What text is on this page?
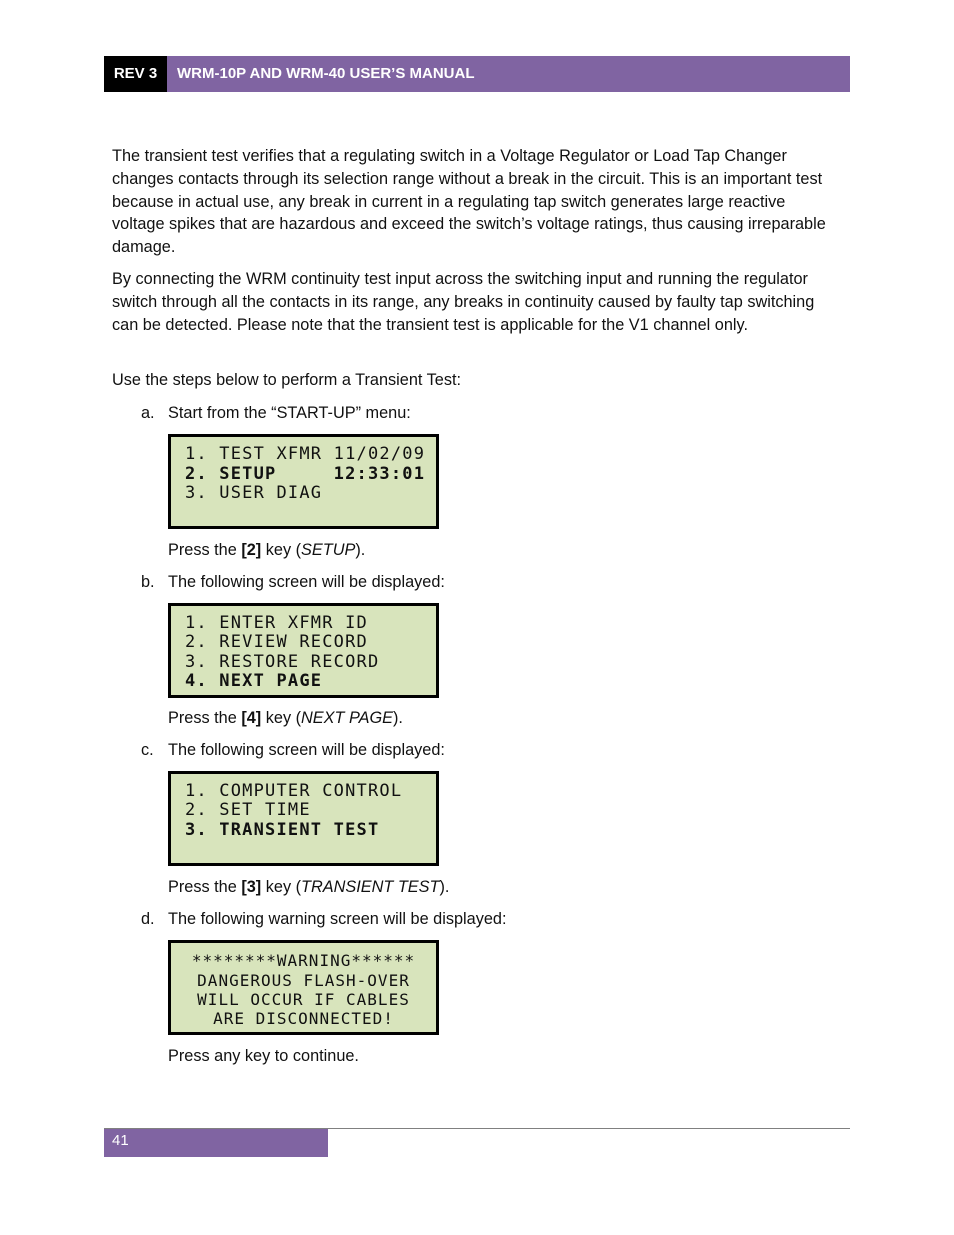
REV 3	WRM-10P AND WRM-40 USER’S MANUAL

The transient test verifies that a regulating switch in a Voltage Regulator or Load Tap Changer changes contacts through its selection range without a break in the circuit. This is an important test because in actual use, any break in current in a regulating tap switch generates large reactive voltage spikes that are hazardous and exceed the switch’s voltage ratings, thus causing irreparable damage.

By connecting the WRM continuity test input across the switching input and running the regulator switch through all the contacts in its range, any breaks in continuity caused by faulty tap switching can be detected. Please note that the transient test is applicable for the V1 channel only.

Use the steps below to perform a Transient Test:

a. Start from the “START-UP” menu:
1. TEST XFMR 11/02/09
2. SETUP     12:33:01
3. USER DIAG
Press the [2] key (SETUP).
b. The following screen will be displayed:
1. ENTER XFMR ID
2. REVIEW RECORD
3. RESTORE RECORD
4. NEXT PAGE
Press the [4] key (NEXT PAGE).
c. The following screen will be displayed:
1. COMPUTER CONTROL
2. SET TIME
3. TRANSIENT TEST
Press the [3] key (TRANSIENT TEST).
d. The following warning screen will be displayed:
********WARNING******
DANGEROUS FLASH-OVER
WILL OCCUR IF CABLES
ARE DISCONNECTED!
Press any key to continue.
41
